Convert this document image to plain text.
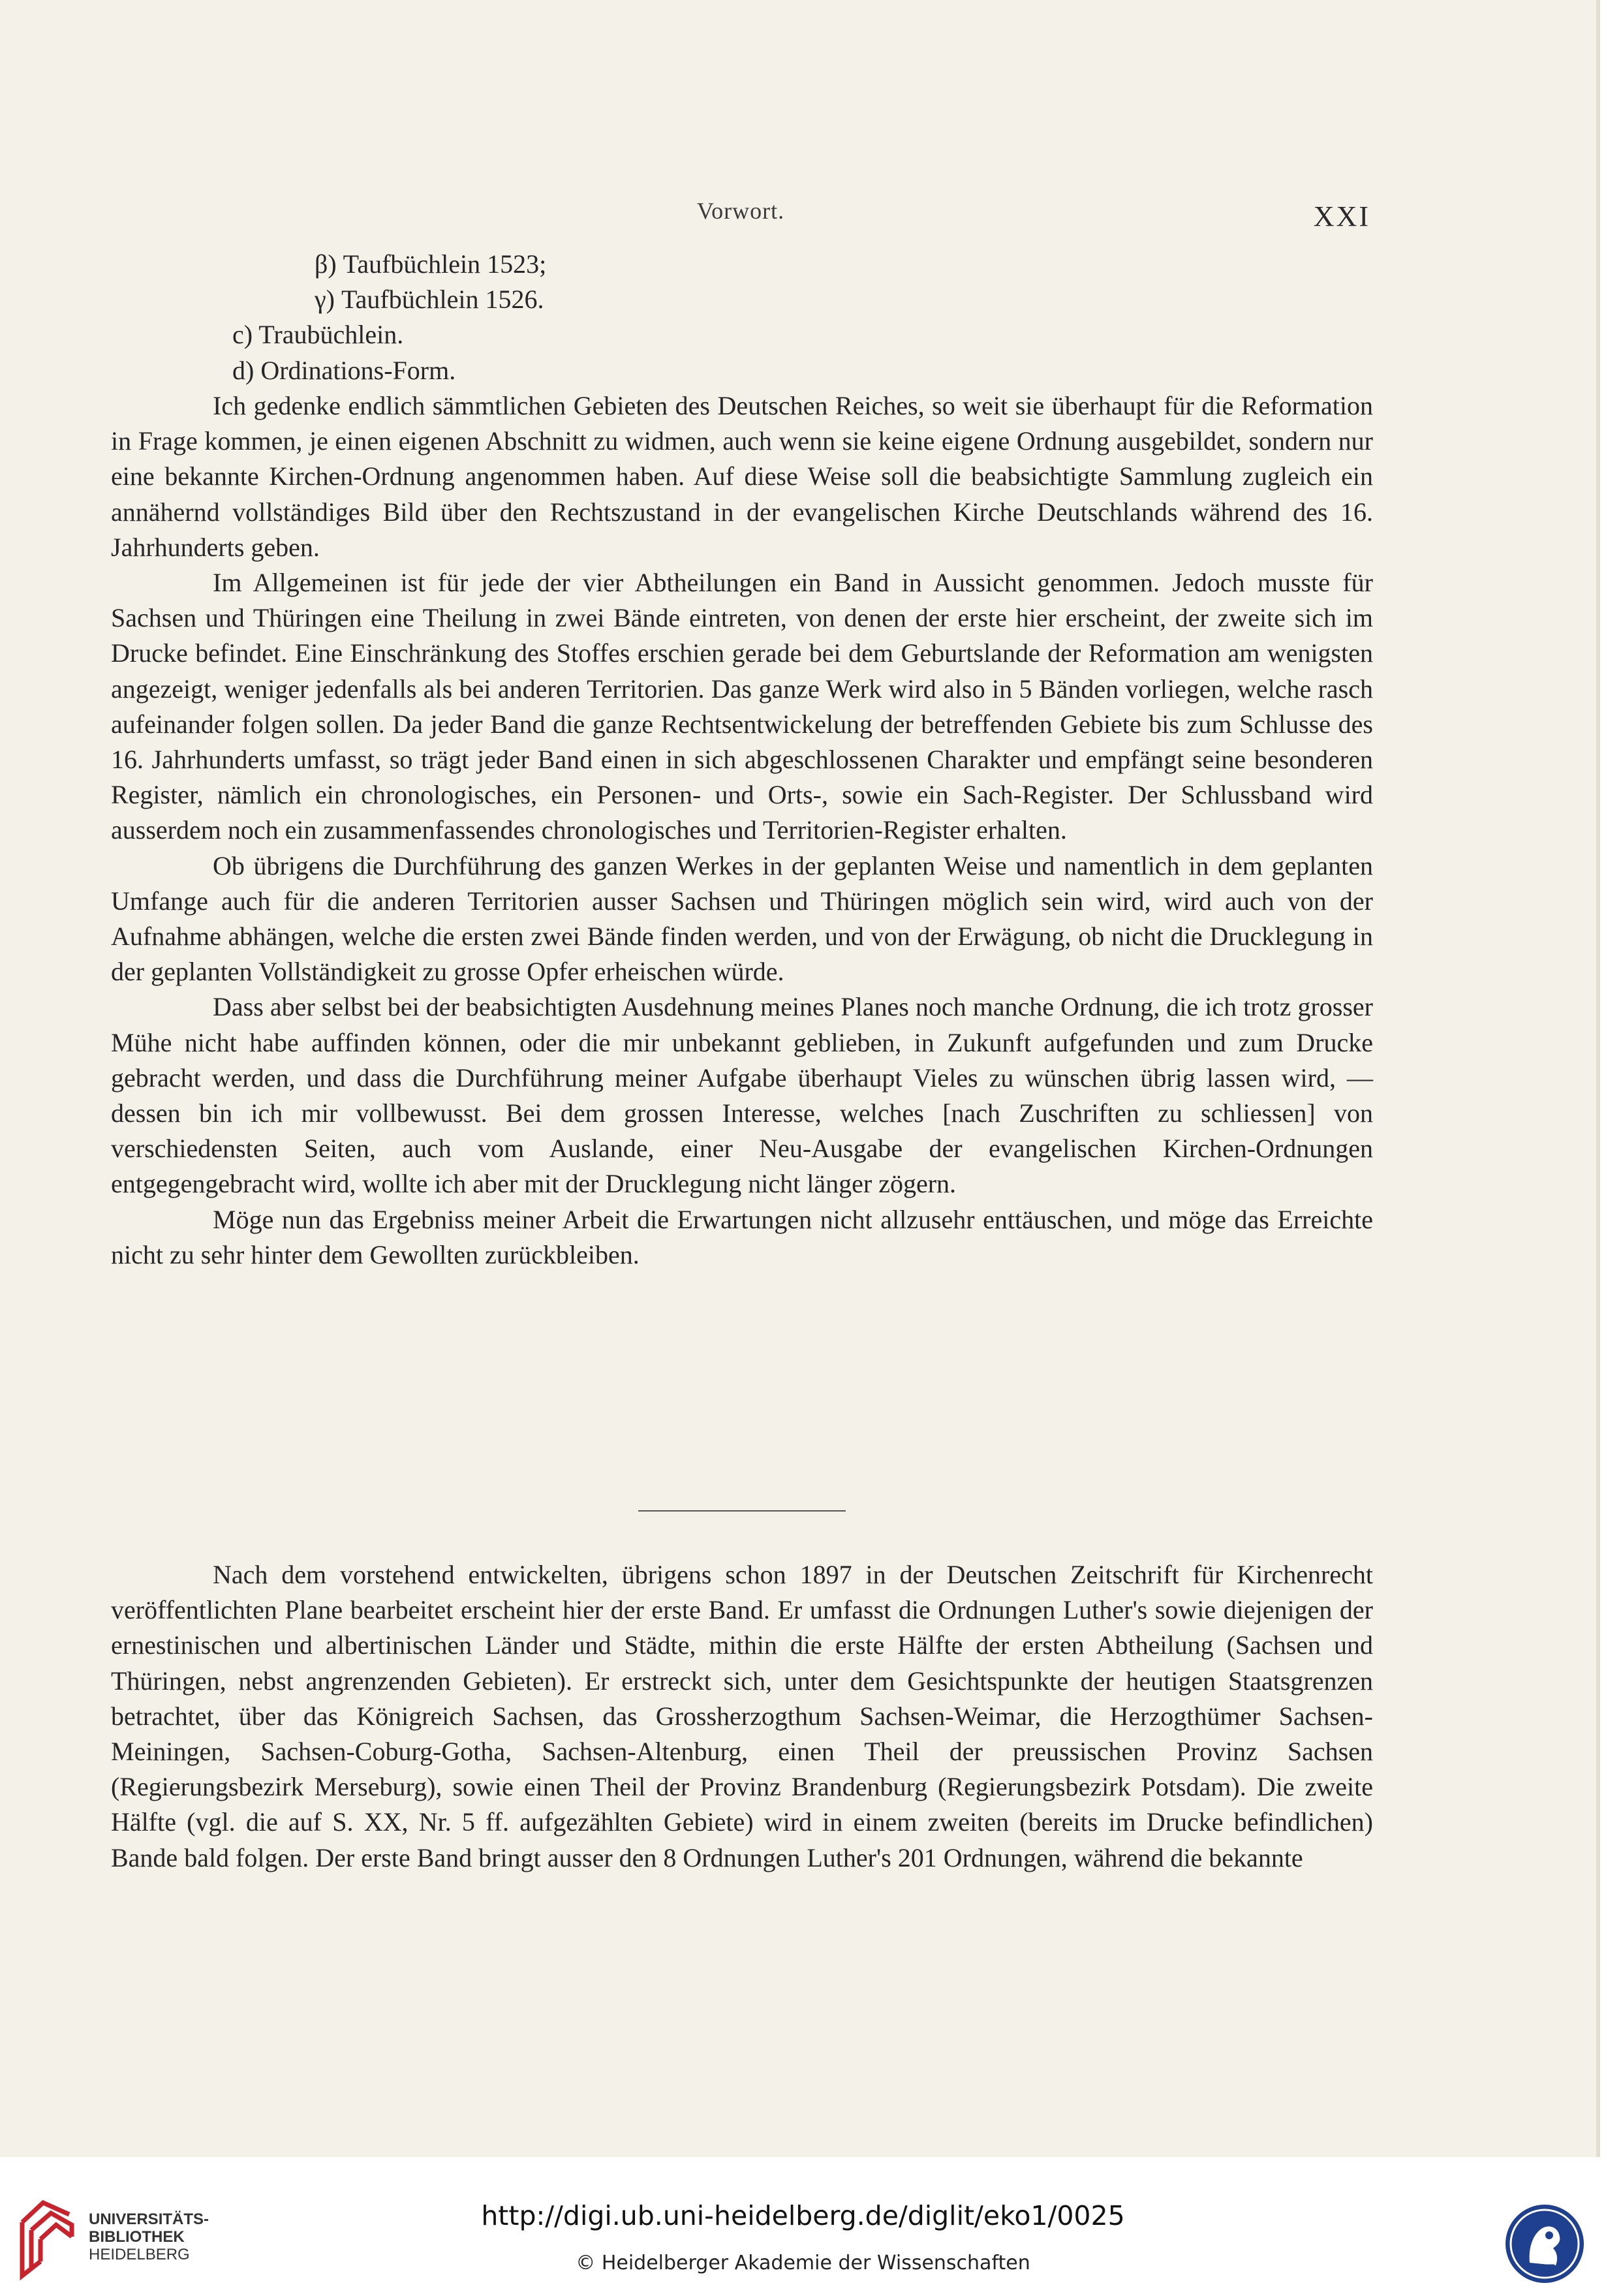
Vorwort.	XXI

β) Taufbüchlein 1523;

γ) Taufbüchlein 1526.

c) Traubüchlein.

d) Ordinations-Form.

Ich gedenke endlich sämmtlichen Gebieten des Deutschen Reiches, so weit sie überhaupt für die Reformation in Frage kommen, je einen eigenen Abschnitt zu widmen, auch wenn sie keine eigene Ordnung ausgebildet, sondern nur eine bekannte Kirchen-Ordnung angenommen haben. Auf diese Weise soll die beabsichtigte Sammlung zugleich ein annähernd vollständiges Bild über den Rechtszustand in der evangelischen Kirche Deutschlands während des 16. Jahrhunderts geben.

Im Allgemeinen ist für jede der vier Abtheilungen ein Band in Aussicht genommen. Jedoch musste für Sachsen und Thüringen eine Theilung in zwei Bände eintreten, von denen der erste hier erscheint, der zweite sich im Drucke befindet. Eine Einschränkung des Stoffes erschien gerade bei dem Geburtslande der Reformation am wenigsten angezeigt, weniger jedenfalls als bei anderen Territorien. Das ganze Werk wird also in 5 Bänden vorliegen, welche rasch aufeinander folgen sollen. Da jeder Band die ganze Rechtsentwickelung der betreffenden Gebiete bis zum Schlusse des 16. Jahrhunderts umfasst, so trägt jeder Band einen in sich abgeschlossenen Charakter und empfängt seine besonderen Register, nämlich ein chronologisches, ein Personen- und Orts-, sowie ein Sach-Register. Der Schlussband wird ausserdem noch ein zusammenfassendes chronologisches und Territorien-Register erhalten.

Ob übrigens die Durchführung des ganzen Werkes in der geplanten Weise und namentlich in dem geplanten Umfange auch für die anderen Territorien ausser Sachsen und Thüringen möglich sein wird, wird auch von der Aufnahme abhängen, welche die ersten zwei Bände finden werden, und von der Erwägung, ob nicht die Drucklegung in der geplanten Vollständigkeit zu grosse Opfer erheischen würde.

Dass aber selbst bei der beabsichtigten Ausdehnung meines Planes noch manche Ordnung, die ich trotz grosser Mühe nicht habe auffinden können, oder die mir unbekannt geblieben, in Zukunft aufgefunden und zum Drucke gebracht werden, und dass die Durchführung meiner Aufgabe überhaupt Vieles zu wünschen übrig lassen wird, — dessen bin ich mir vollbewusst. Bei dem grossen Interesse, welches [nach Zuschriften zu schliessen] von verschiedensten Seiten, auch vom Auslande, einer Neu-Ausgabe der evangelischen Kirchen-Ordnungen entgegengebracht wird, wollte ich aber mit der Drucklegung nicht länger zögern.

Möge nun das Ergebniss meiner Arbeit die Erwartungen nicht allzusehr enttäuschen, und möge das Erreichte nicht zu sehr hinter dem Gewollten zurückbleiben.

Nach dem vorstehend entwickelten, übrigens schon 1897 in der Deutschen Zeitschrift für Kirchenrecht veröffentlichten Plane bearbeitet erscheint hier der erste Band. Er umfasst die Ordnungen Luther's sowie diejenigen der ernestinischen und albertinischen Länder und Städte, mithin die erste Hälfte der ersten Abtheilung (Sachsen und Thüringen, nebst angrenzenden Gebieten). Er erstreckt sich, unter dem Gesichtspunkte der heutigen Staatsgrenzen betrachtet, über das Königreich Sachsen, das Grossherzogthum Sachsen-Weimar, die Herzogthümer Sachsen-Meiningen, Sachsen-Coburg-Gotha, Sachsen-Altenburg, einen Theil der preussischen Provinz Sachsen (Regierungsbezirk Merseburg), sowie einen Theil der Provinz Brandenburg (Regierungsbezirk Potsdam). Die zweite Hälfte (vgl. die auf S. XX, Nr. 5 ff. aufgezählten Gebiete) wird in einem zweiten (bereits im Drucke befindlichen) Bande bald folgen. Der erste Band bringt ausser den 8 Ordnungen Luther's 201 Ordnungen, während die bekannte

UNIVERSITÄTS-
BIBLIOTHEK
HEIDELBERG
http://digi.ub.uni-heidelberg.de/diglit/eko1/0025
© Heidelberger Akademie der Wissenschaften
